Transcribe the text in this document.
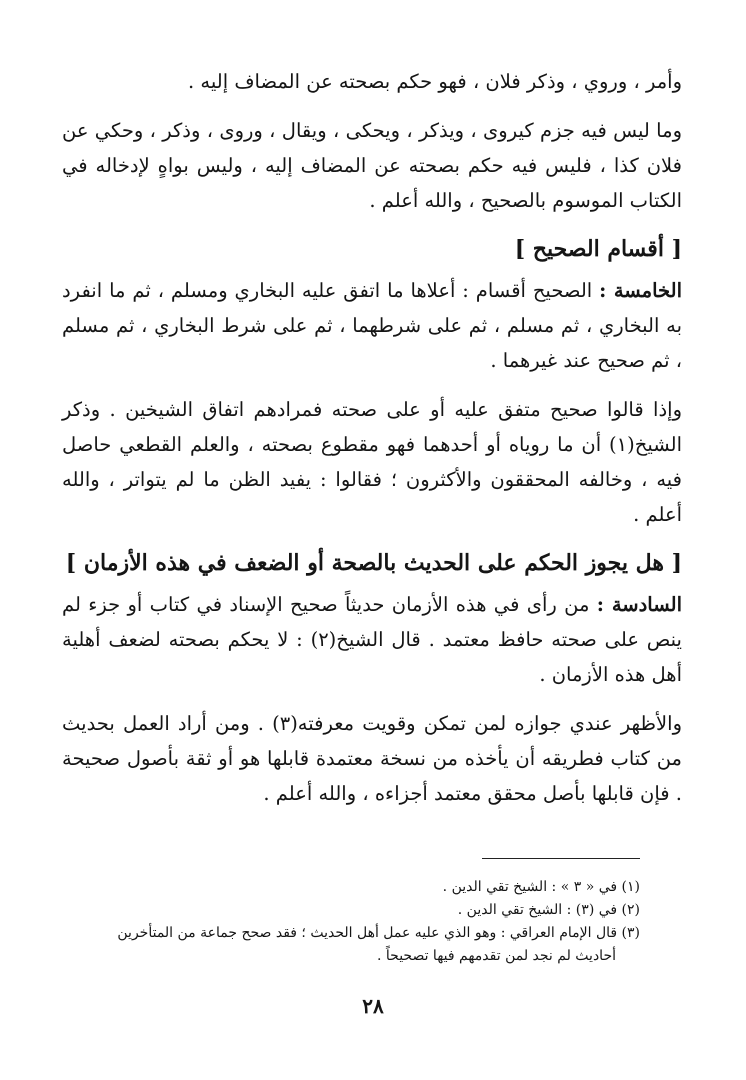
وأمر ، وروي ، وذكر فلان ، فهو حكم بصحته عن المضاف إليه .

وما ليس فيه جزم كيروى ، ويذكر ، ويحكى ، ويقال ، وروى ، وذكر ، وحكي عن فلان كذا ، فليس فيه حكم بصحته عن المضاف إليه ، وليس بواهٍ لإدخاله في الكتاب الموسوم بالصحيح ، والله أعلم .

[ أقسام الصحيح ]

الخامسة : الصحيح أقسام : أعلاها ما اتفق عليه البخاري ومسلم ، ثم ما انفرد به البخاري ، ثم مسلم ، ثم على شرطهما ، ثم على شرط البخاري ، ثم مسلم ، ثم صحيح عند غيرهما .

وإذا قالوا صحيح متفق عليه أو على صحته فمرادهم اتفاق الشيخين . وذكر الشيخ(١) أن ما روياه أو أحدهما فهو مقطوع بصحته ، والعلم القطعي حاصل فيه ، وخالفه المحققون والأكثرون ؛ فقالوا : يفيد الظن ما لم يتواتر ، والله أعلم .

[ هل يجوز الحكم على الحديث بالصحة أو الضعف في هذه الأزمان ]

السادسة : من رأى في هذه الأزمان حديثاً صحيح الإسناد في كتاب أو جزء لم ينص على صحته حافظ معتمد . قال الشيخ(٢) : لا يحكم بصحته لضعف أهلية أهل هذه الأزمان .

والأظهر عندي جوازه لمن تمكن وقويت معرفته(٣) . ومن أراد العمل بحديث من كتاب فطريقه أن يأخذه من نسخة معتمدة قابلها هو أو ثقة بأصول صحيحة . فإن قابلها بأصل محقق معتمد أجزاءه ، والله أعلم .

(١) في « ٣ » : الشيخ تقي الدين .
(٢) في (٣) : الشيخ تقي الدين .
(٣) قال الإمام العراقي : وهو الذي عليه عمل أهل الحديث ؛ فقد صحح جماعة من المتأخرين
أحاديث لم نجد لمن تقدمهم فيها تصحيحاً .
٢٨
